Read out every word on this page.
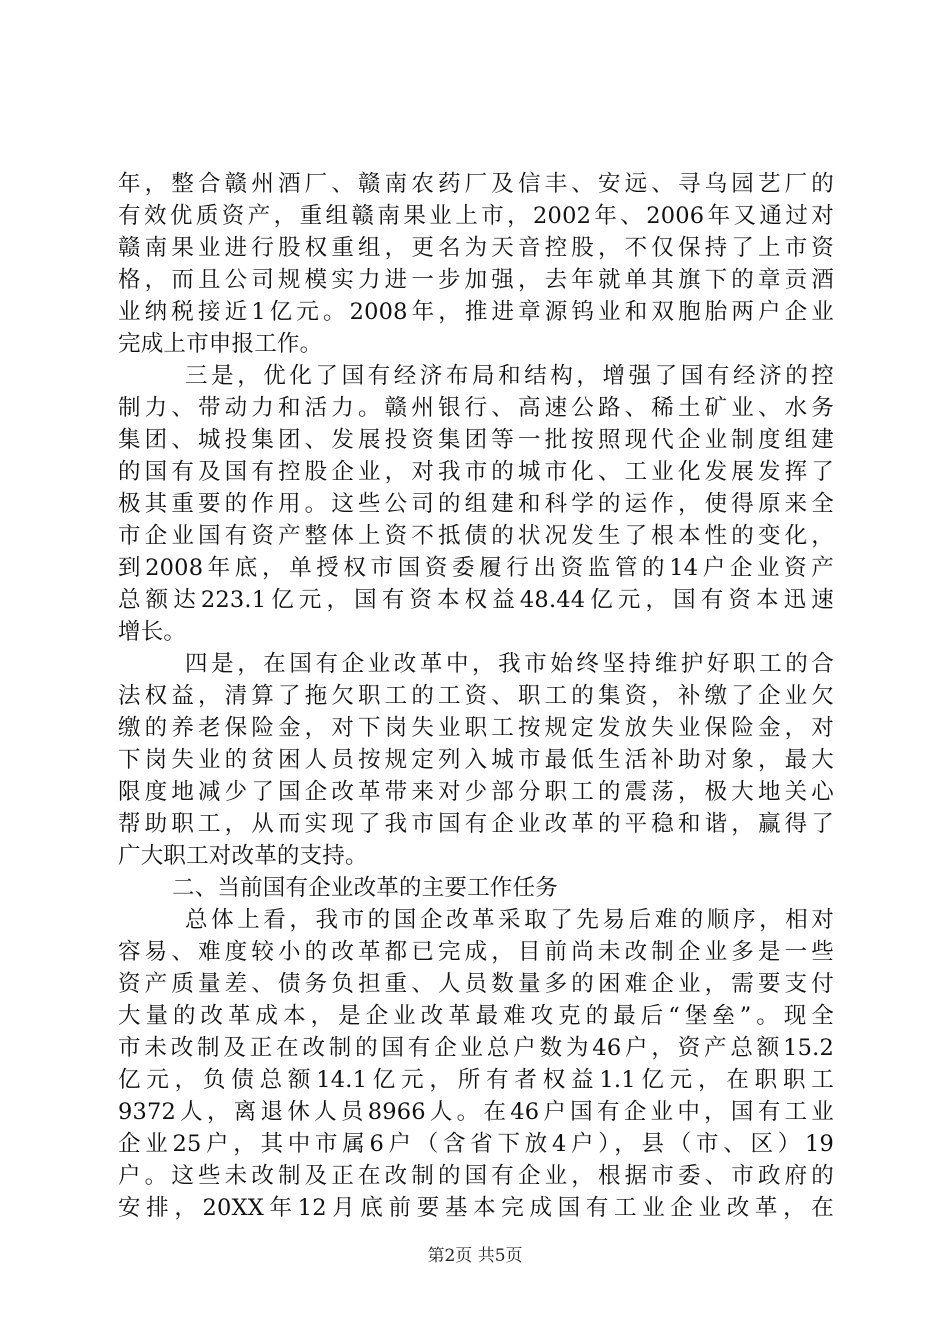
年，整合赣州酒厂、赣南农药厂及信丰、安远、寻乌园艺厂的
有效优质资产，重组赣南果业上市，2002年、2006年又通过对
赣南果业进行股权重组，更名为天音控股，不仅保持了上市资
格，而且公司规模实力进一步加强，去年就单其旗下的章贡酒
业纳税接近1亿元。2008年，推进章源钨业和双胞胎两户企业
完成上市申报工作。
三是，优化了国有经济布局和结构，增强了国有经济的控
制力、带动力和活力。赣州银行、高速公路、稀土矿业、水务
集团、城投集团、发展投资集团等一批按照现代企业制度组建
的国有及国有控股企业，对我市的城市化、工业化发展发挥了
极其重要的作用。这些公司的组建和科学的运作，使得原来全
市企业国有资产整体上资不抵债的状况发生了根本性的变化，
到2008年底，单授权市国资委履行出资监管的14户企业资产
总额达223.1亿元，国有资本权益48.44亿元，国有资本迅速
增长。
四是，在国有企业改革中，我市始终坚持维护好职工的合
法权益，清算了拖欠职工的工资、职工的集资，补缴了企业欠
缴的养老保险金，对下岗失业职工按规定发放失业保险金，对
下岗失业的贫困人员按规定列入城市最低生活补助对象，最大
限度地减少了国企改革带来对少部分职工的震荡，极大地关心
帮助职工，从而实现了我市国有企业改革的平稳和谐，赢得了
广大职工对改革的支持。
二、当前国有企业改革的主要工作任务
总体上看，我市的国企改革采取了先易后难的顺序，相对
容易、难度较小的改革都已完成，目前尚未改制企业多是一些
资产质量差、债务负担重、人员数量多的困难企业，需要支付
大量的改革成本，是企业改革最难攻克的最后“堡垒”。现全
市未改制及正在改制的国有企业总户数为46户，资产总额15.2
亿元，负债总额14.1亿元，所有者权益1.1亿元，在职职工
9372人，离退休人员8966人。在46户国有企业中，国有工业
企业25户，其中市属6户（含省下放4户），县（市、区）19
户。这些未改制及正在改制的国有企业，根据市委、市政府的
安排，20XX年12月底前要基本完成国有工业企业改革，在
第2页 共5页
